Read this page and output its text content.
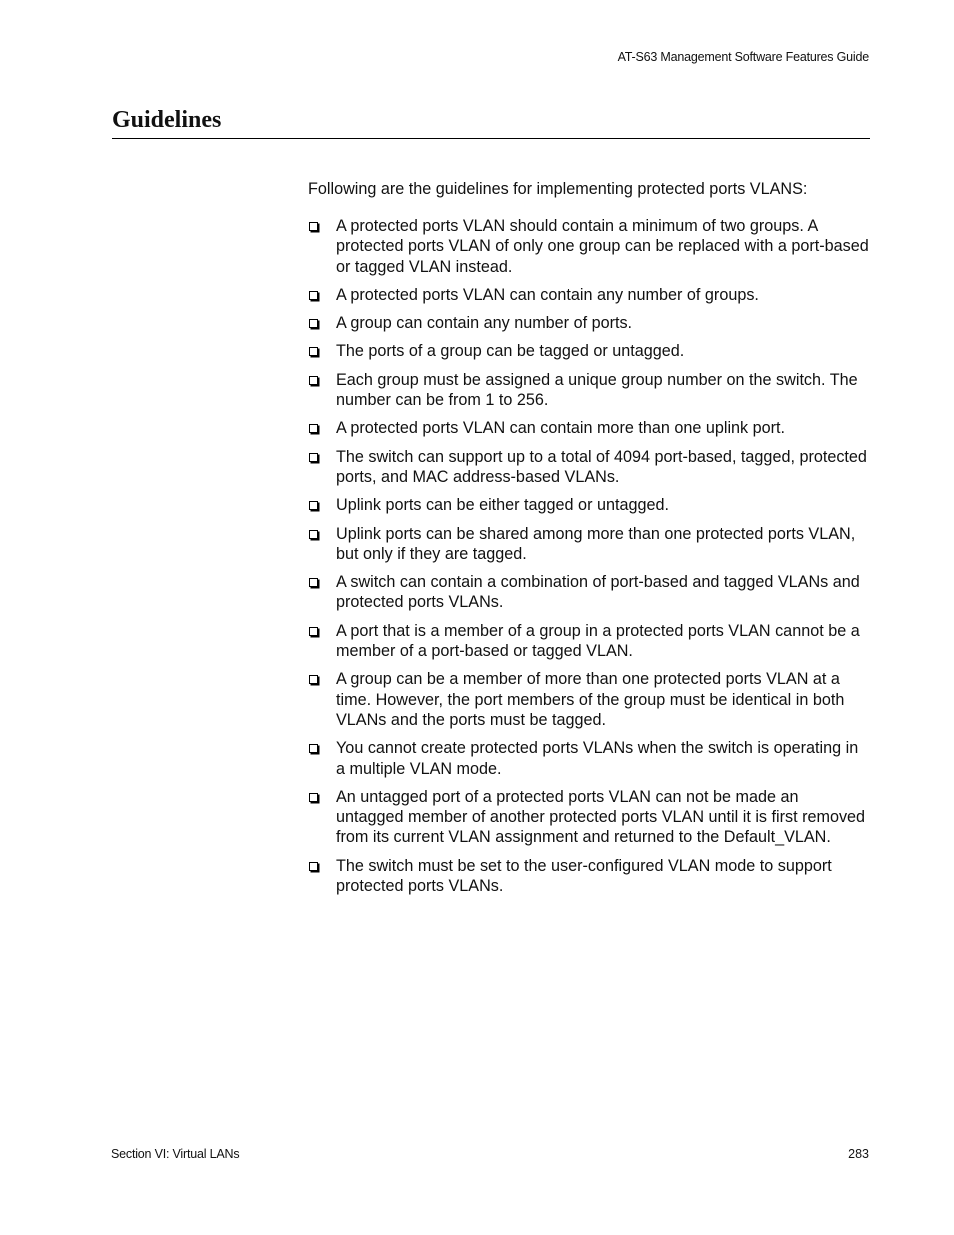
AT-S63 Management Software Features Guide
Guidelines

Following are the guidelines for implementing protected ports VLANS:

A protected ports VLAN should contain a minimum of two groups. A protected ports VLAN of only one group can be replaced with a port-based or tagged VLAN instead.
A protected ports VLAN can contain any number of groups.
A group can contain any number of ports.
The ports of a group can be tagged or untagged.
Each group must be assigned a unique group number on the switch. The number can be from 1 to 256.
A protected ports VLAN can contain more than one uplink port.
The switch can support up to a total of 4094 port-based, tagged, protected ports, and MAC address-based VLANs.
Uplink ports can be either tagged or untagged.
Uplink ports can be shared among more than one protected ports VLAN, but only if they are tagged.
A switch can contain a combination of port-based and tagged VLANs and protected ports VLANs.
A port that is a member of a group in a protected ports VLAN cannot be a member of a port-based or tagged VLAN.
A group can be a member of more than one protected ports VLAN at a time. However, the port members of the group must be identical in both VLANs and the ports must be tagged.
You cannot create protected ports VLANs when the switch is operating in a multiple VLAN mode.
An untagged port of a protected ports VLAN can not be made an untagged member of another protected ports VLAN until it is first removed from its current VLAN assignment and returned to the Default_VLAN.
The switch must be set to the user-configured VLAN mode to support protected ports VLANs.
Section VI: Virtual LANs	283
